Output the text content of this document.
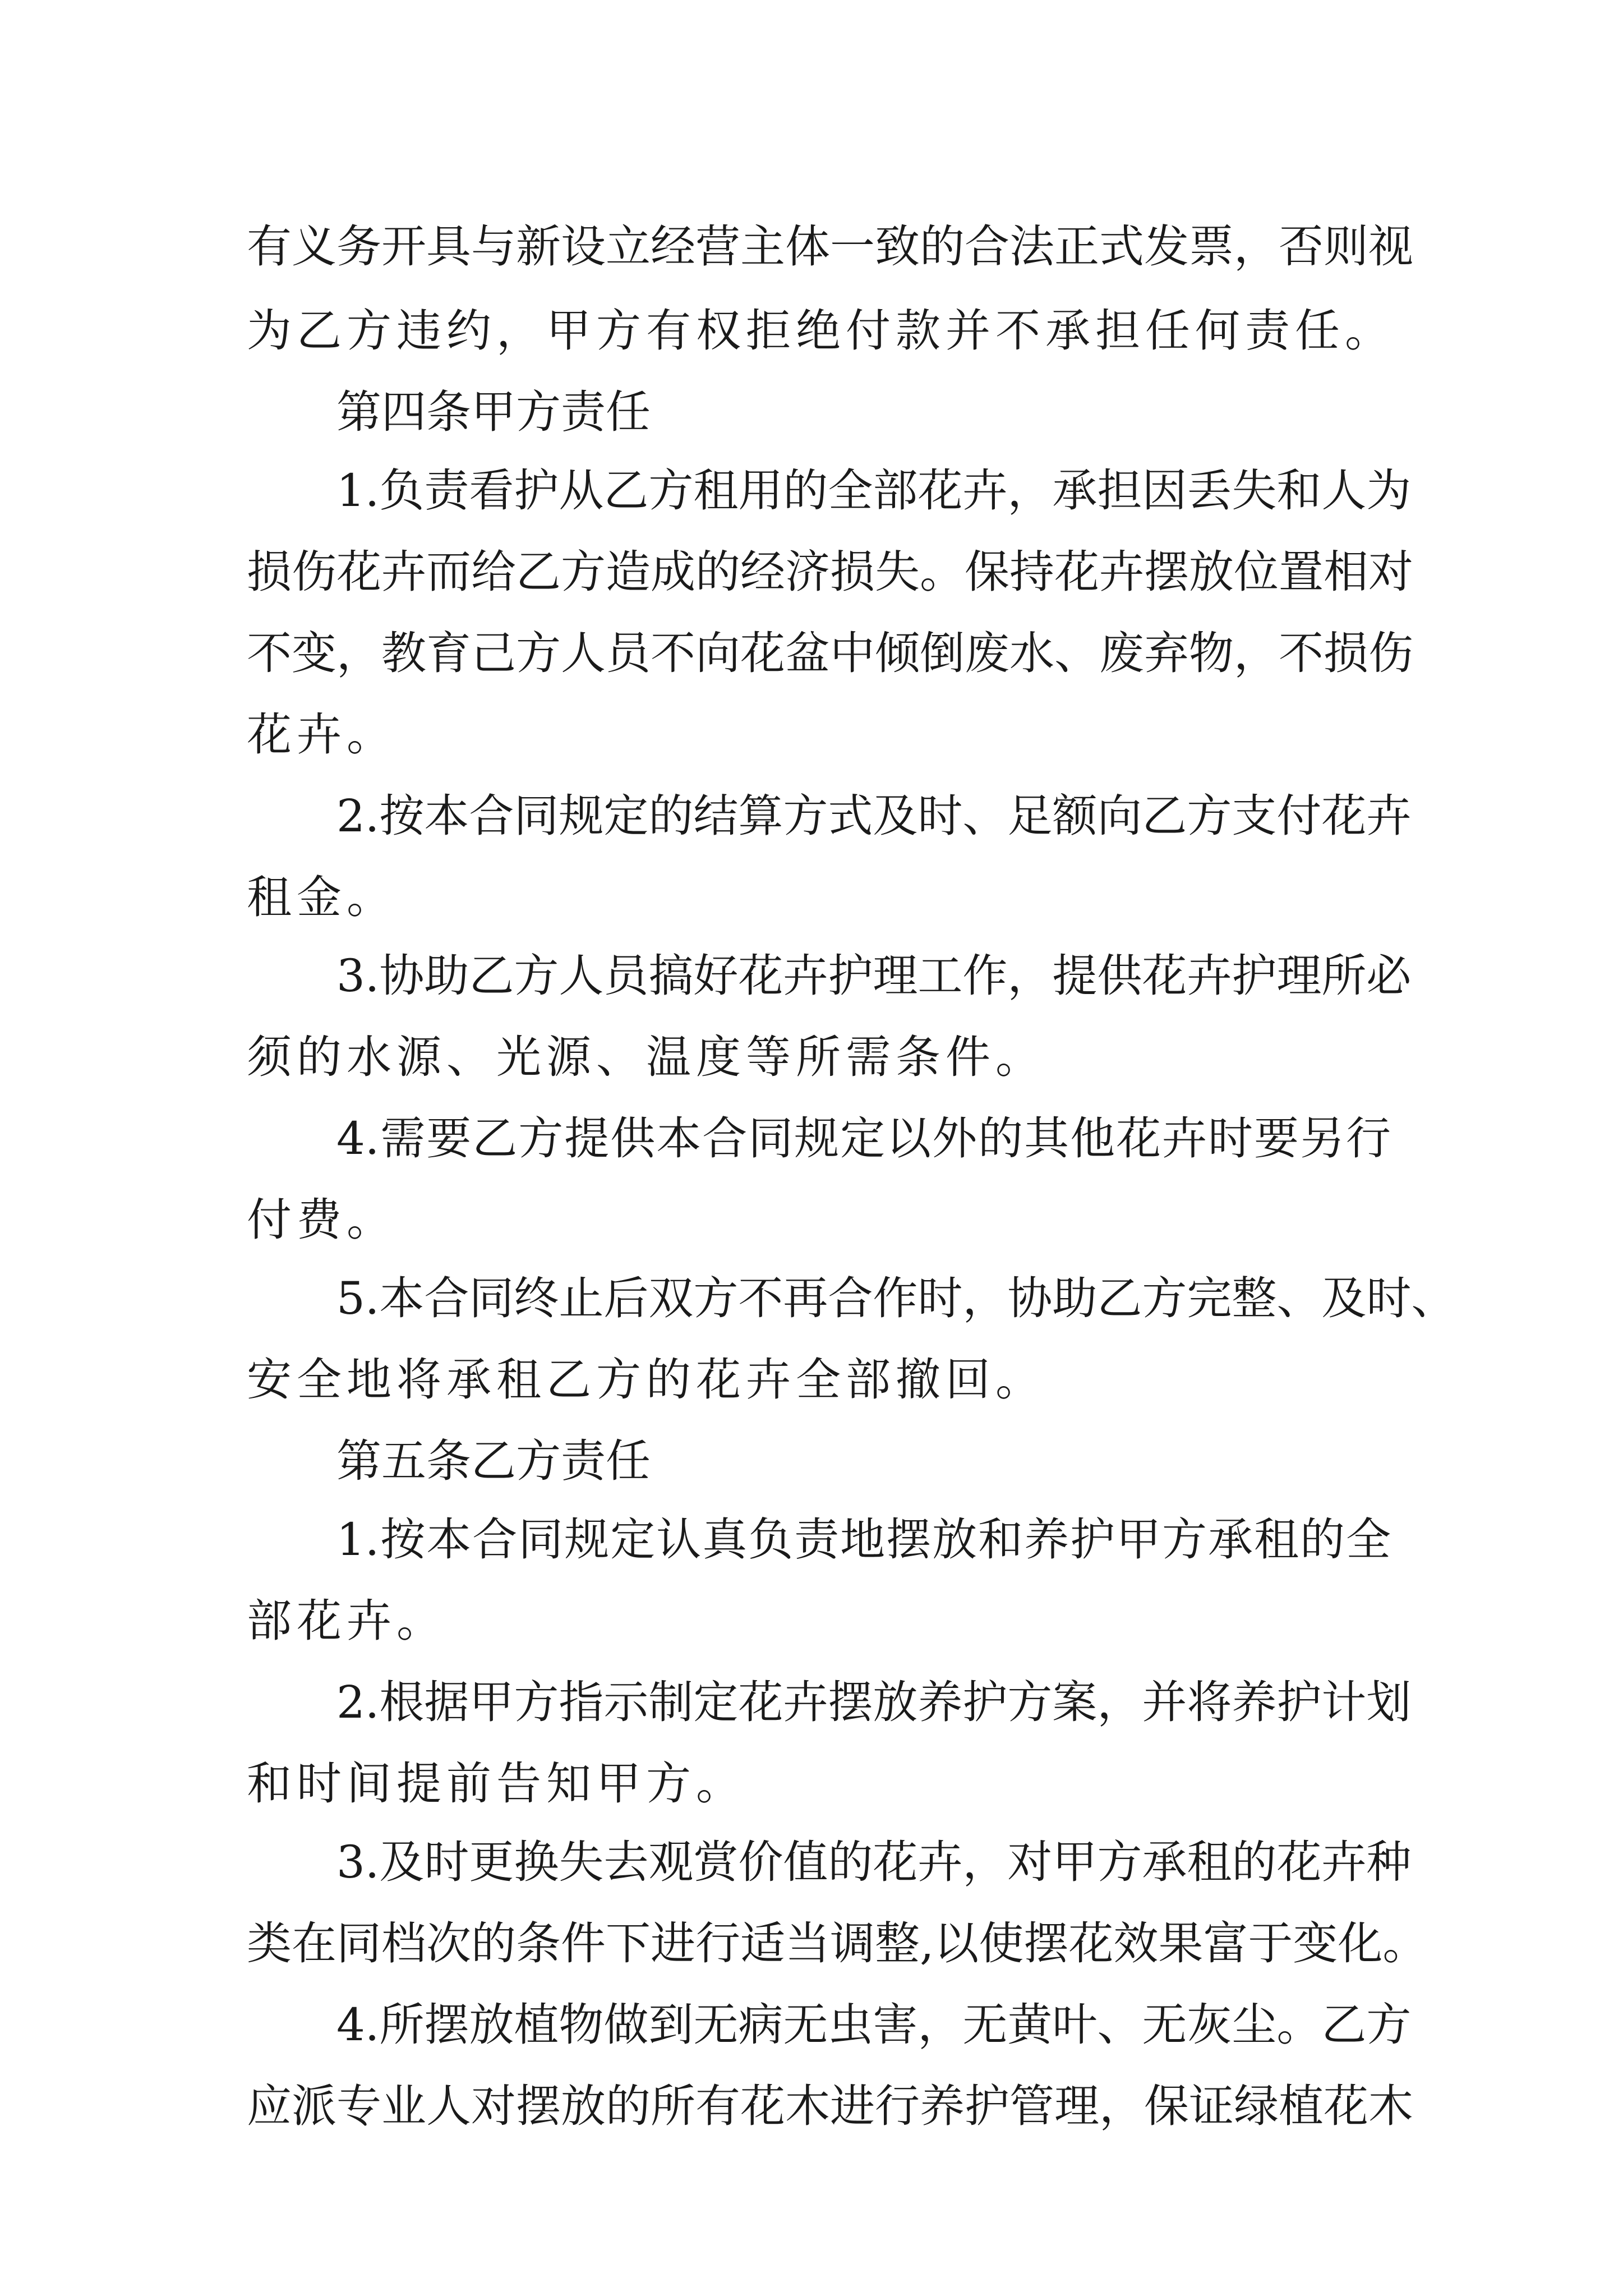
有义务开具与新设立经营主体一致的合法正式发票，否则视
为乙方违约，甲方有权拒绝付款并不承担任何责任。
第四条甲方责任
1.负责看护从乙方租用的全部花卉，承担因丢失和人为
损伤花卉而给乙方造成的经济损失。保持花卉摆放位置相对
不变，教育己方人员不向花盆中倾倒废水、废弃物，不损伤
花卉。
2.按本合同规定的结算方式及时、足额向乙方支付花卉
租金。
3.协助乙方人员搞好花卉护理工作，提供花卉护理所必
须的水源、光源、温度等所需条件。
4.需要乙方提供本合同规定以外的其他花卉时要另行
付费。
5.本合同终止后双方不再合作时，协助乙方完整、及时、
安全地将承租乙方的花卉全部撤回。
第五条乙方责任
1.按本合同规定认真负责地摆放和养护甲方承租的全
部花卉。
2.根据甲方指示制定花卉摆放养护方案，并将养护计划
和时间提前告知甲方。
3.及时更换失去观赏价值的花卉，对甲方承租的花卉种
类在同档次的条件下进行适当调整,以使摆花效果富于变化。
4.所摆放植物做到无病无虫害，无黄叶、无灰尘。乙方
应派专业人对摆放的所有花木进行养护管理，保证绿植花木
